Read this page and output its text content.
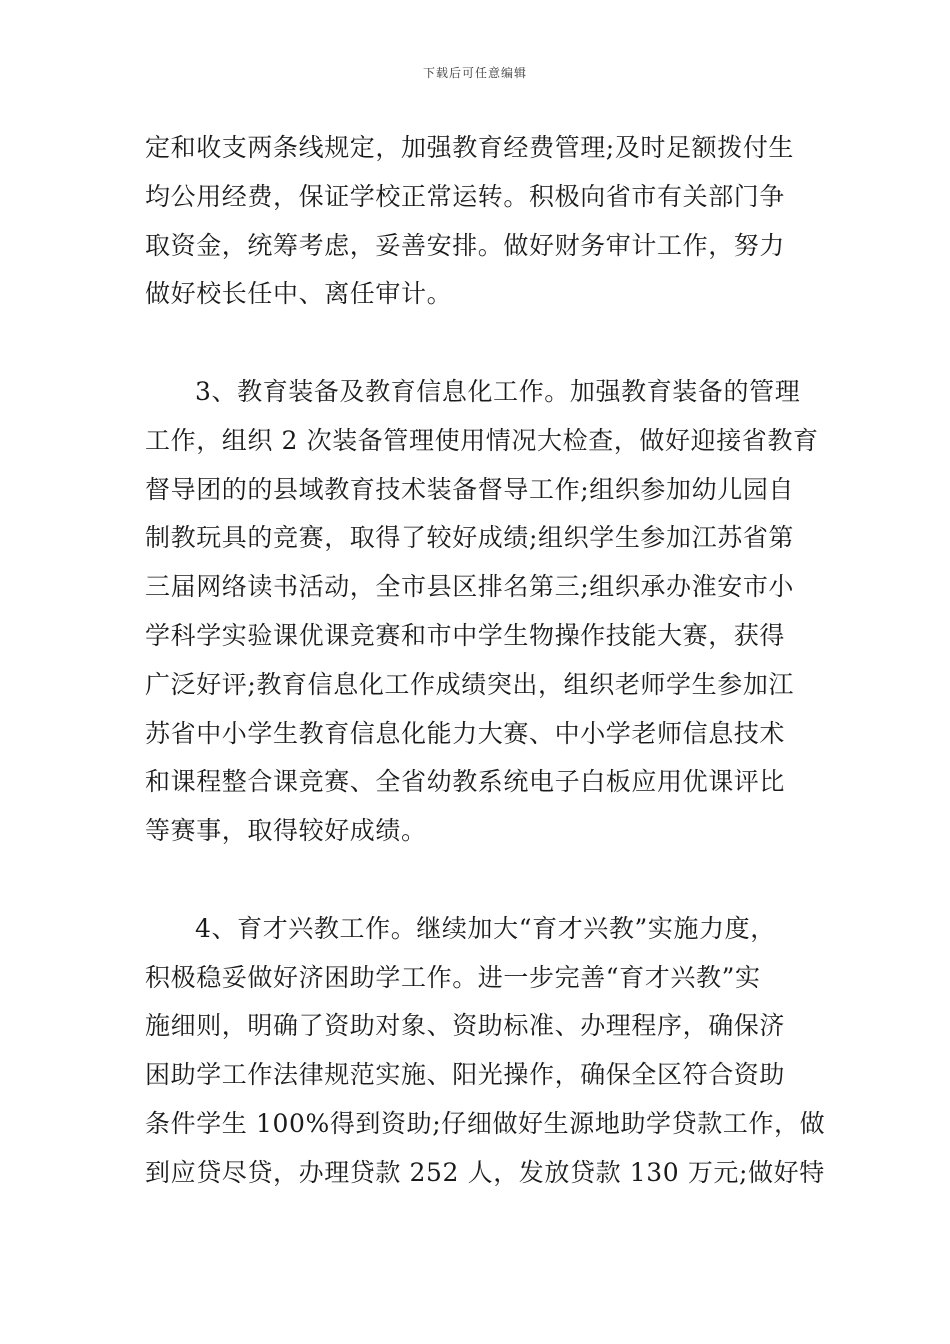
下载后可任意编辑
定和收支两条线规定，加强教育经费管理;及时足额拨付生
均公用经费，保证学校正常运转。积极向省市有关部门争
取资金，统筹考虑，妥善安排。做好财务审计工作，努力
做好校长任中、离任审计。
3、教育装备及教育信息化工作。加强教育装备的管理
工作，组织 2 次装备管理使用情况大检查，做好迎接省教育
督导团的的县域教育技术装备督导工作;组织参加幼儿园自
制教玩具的竞赛，取得了较好成绩;组织学生参加江苏省第
三届网络读书活动，全市县区排名第三;组织承办淮安市小
学科学实验课优课竞赛和市中学生物操作技能大赛，获得
广泛好评;教育信息化工作成绩突出，组织老师学生参加江
苏省中小学生教育信息化能力大赛、中小学老师信息技术
和课程整合课竞赛、全省幼教系统电子白板应用优课评比
等赛事，取得较好成绩。
4、育才兴教工作。继续加大“育才兴教”实施力度，
积极稳妥做好济困助学工作。进一步完善“育才兴教”实
施细则，明确了资助对象、资助标准、办理程序，确保济
困助学工作法律规范实施、阳光操作，确保全区符合资助
条件学生 100%得到资助;仔细做好生源地助学贷款工作，做
到应贷尽贷，办理贷款 252 人，发放贷款 130 万元;做好特
